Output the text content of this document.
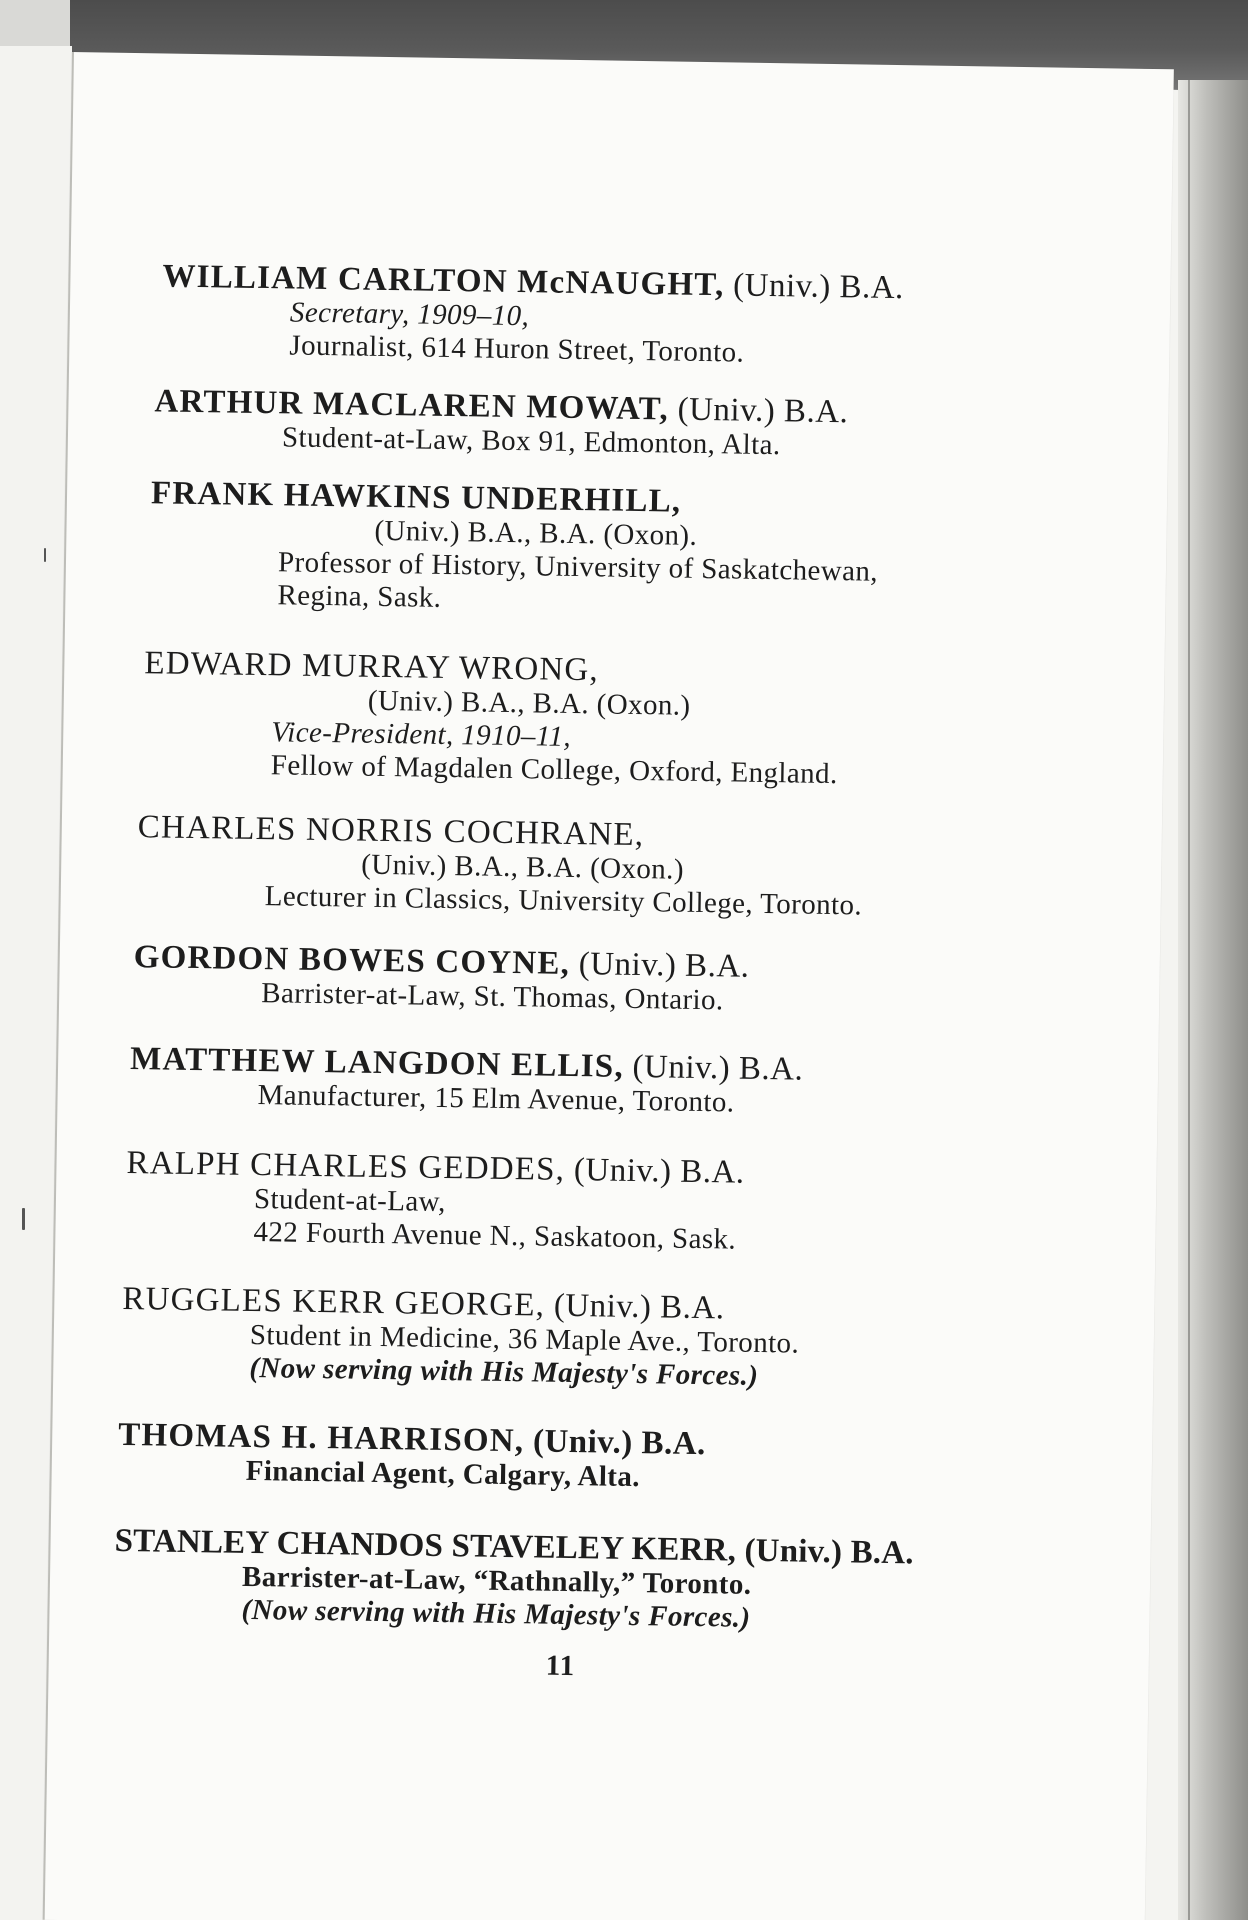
WILLIAM CARLTON McNAUGHT, (Univ.) B.A.
Secretary, 1909–10,
Journalist, 614 Huron Street, Toronto.
ARTHUR MACLAREN MOWAT, (Univ.) B.A.
Student-at-Law, Box 91, Edmonton, Alta.
FRANK HAWKINS UNDERHILL,
(Univ.) B.A., B.A. (Oxon).
Professor of History, University of Saskatchewan,
Regina, Sask.
EDWARD MURRAY WRONG,
(Univ.) B.A., B.A. (Oxon.)
Vice-President, 1910–11,
Fellow of Magdalen College, Oxford, England.
CHARLES NORRIS COCHRANE,
(Univ.) B.A., B.A. (Oxon.)
Lecturer in Classics, University College, Toronto.
GORDON BOWES COYNE, (Univ.) B.A.
Barrister-at-Law, St. Thomas, Ontario.
MATTHEW LANGDON ELLIS, (Univ.) B.A.
Manufacturer, 15 Elm Avenue, Toronto.
RALPH CHARLES GEDDES, (Univ.) B.A.
Student-at-Law,
422 Fourth Avenue N., Saskatoon, Sask.
RUGGLES KERR GEORGE, (Univ.) B.A.
Student in Medicine, 36 Maple Ave., Toronto.
(Now serving with His Majesty's Forces.)
THOMAS H. HARRISON, (Univ.) B.A.
Financial Agent, Calgary, Alta.
STANLEY CHANDOS STAVELEY KERR, (Univ.) B.A.
Barrister-at-Law, “Rathnally,” Toronto.
(Now serving with His Majesty's Forces.)
11
